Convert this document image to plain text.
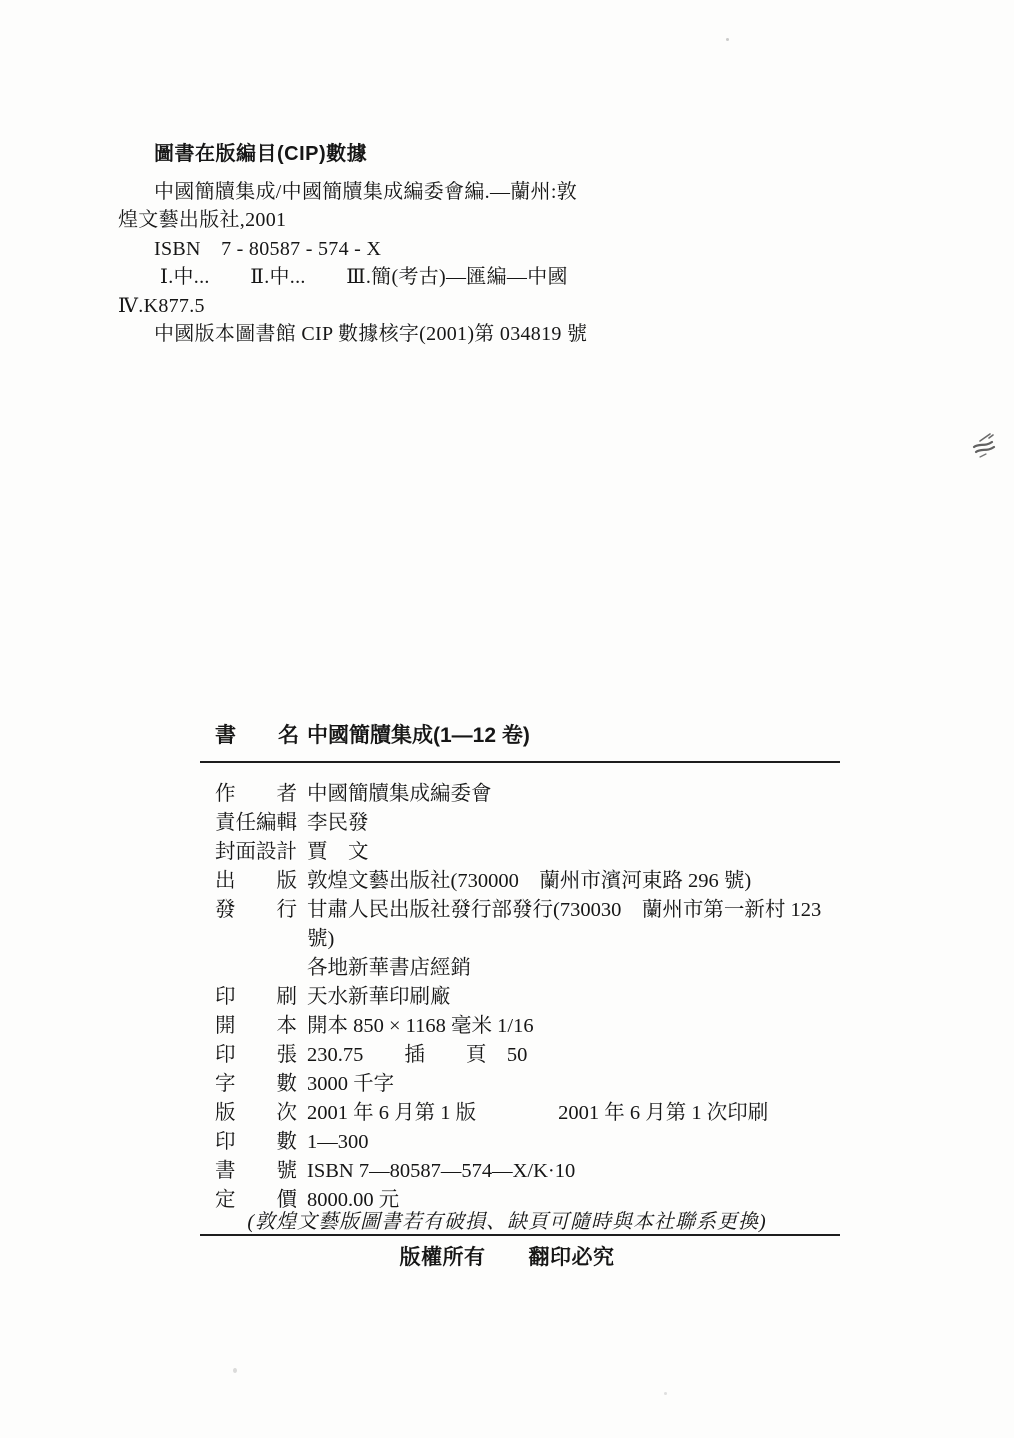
圖書在版編目(CIP)數據

中國簡牘集成/中國簡牘集成編委會編.—蘭州:敦

煌文藝出版社,2001

ISBN　7 - 80587 - 574 - X

Ⅰ.中...　　Ⅱ.中...　　Ⅲ.簡(考古)—匯編—中國

Ⅳ.K877.5

中國版本圖書館 CIP 數據核字(2001)第 034819 號

書　　名 中國簡牘集成(1—12 卷)
作　　者 中國簡牘集成編委會
責任編輯 李民發
封面設計 賈　文
出　　版 敦煌文藝出版社(730000　蘭州市濱河東路 296 號)
發　　行 甘肅人民出版社發行部發行(730030　蘭州市第一新村 123 號)
各地新華書店經銷
印　　刷 天水新華印刷廠
開　　本 開本 850 × 1168 毫米 1/16
印　　張 230.75　　插　　頁　50
字　　數 3000 千字
版　　次 2001 年 6 月第 1 版　　　　2001 年 6 月第 1 次印刷
印　　數 1—300
書　　號 ISBN 7—80587—574—X/K·10
定　　價 8000.00 元

(敦煌文藝版圖書若有破損、缺頁可隨時與本社聯系更換)

版權所有　　翻印必究
